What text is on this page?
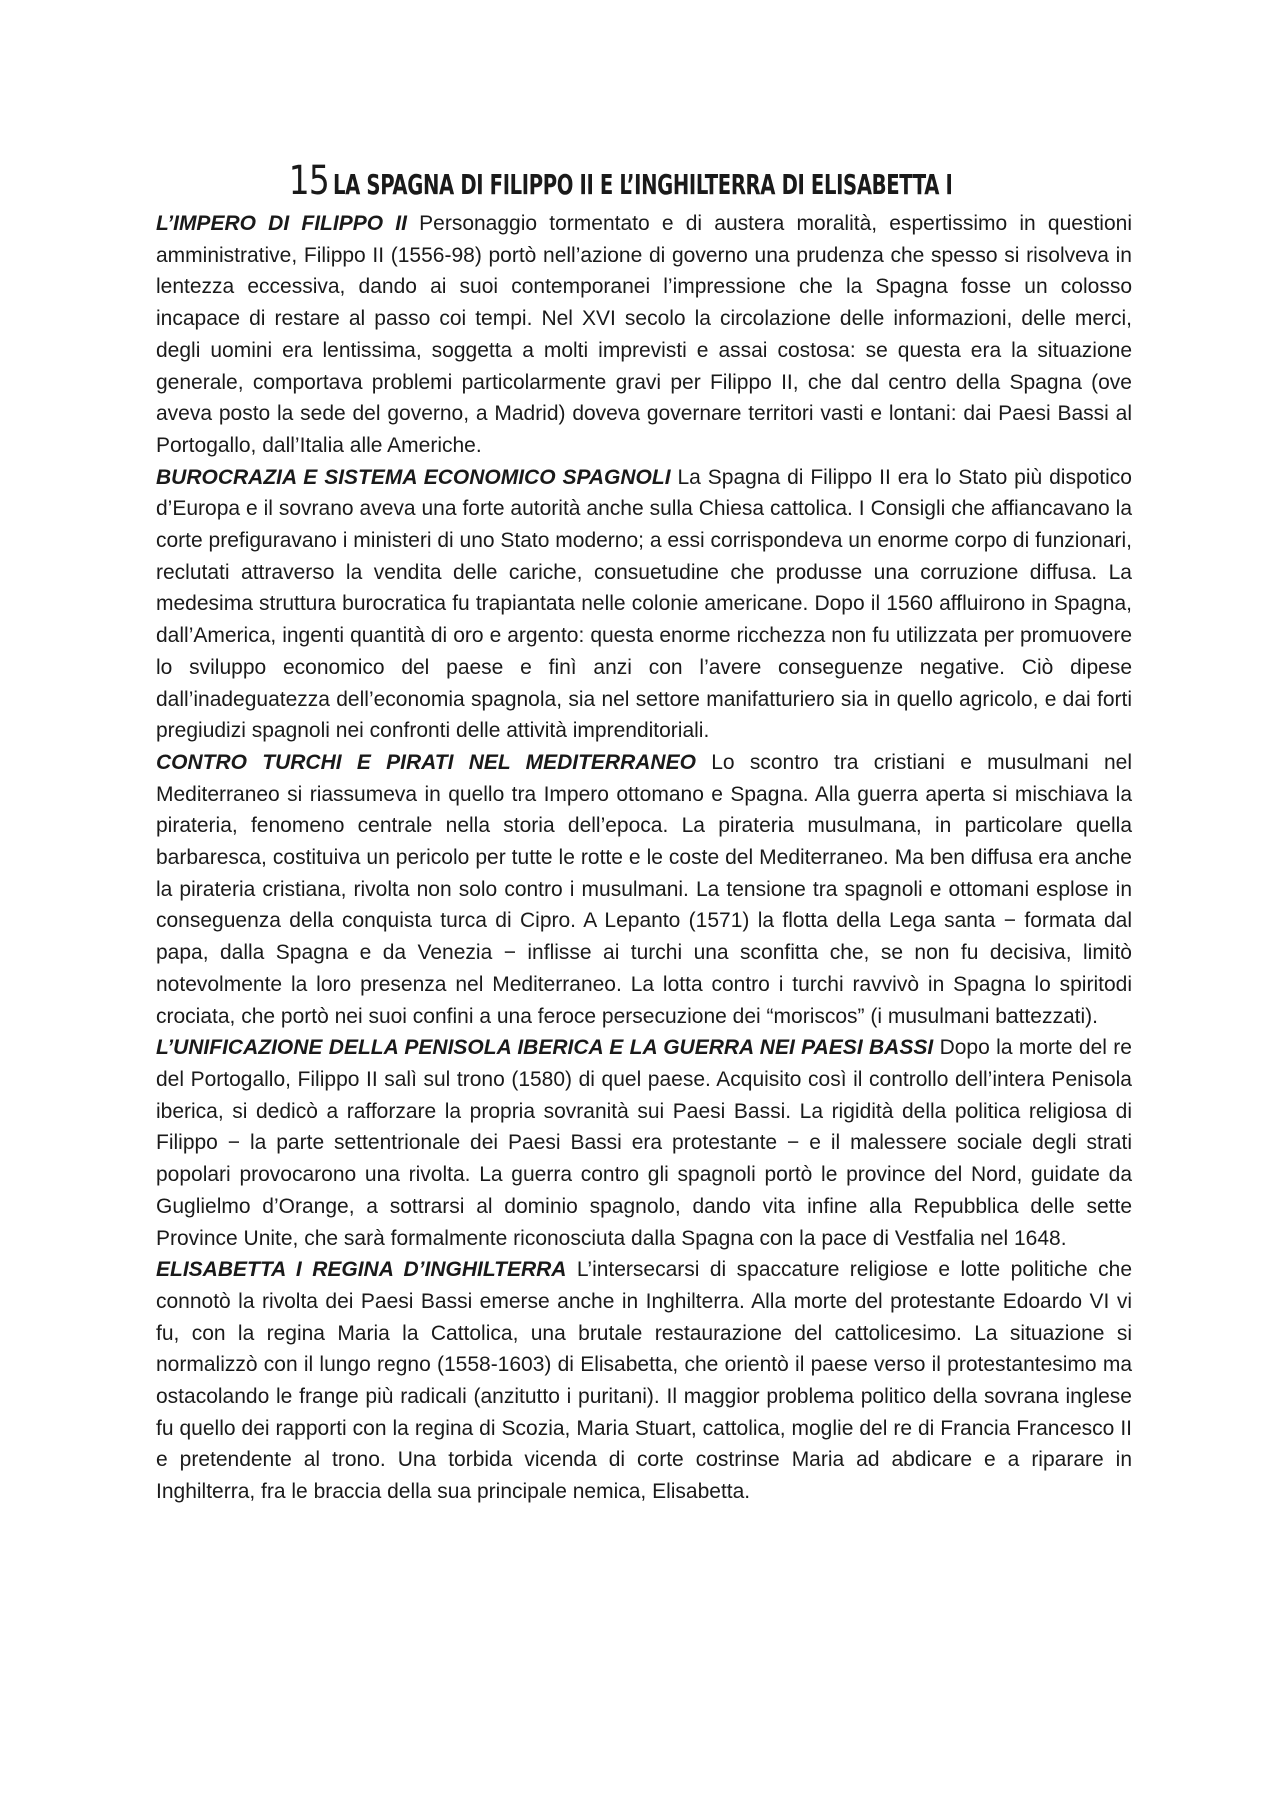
15 LA SPAGNA DI FILIPPO II E L’INGHILTERRA DI ELISABETTA I

L’IMPERO DI FILIPPO II Personaggio tormentato e di austera moralità, espertissimo in questioni amministrative, Filippo II (1556-98) portò nell’azione di governo una prudenza che spesso si risolveva in lentezza eccessiva, dando ai suoi contemporanei l’impressione che la Spagna fosse un colosso incapace di restare al passo coi tempi. Nel XVI secolo la circolazione delle informazioni, delle merci, degli uomini era lentissima, soggetta a molti imprevisti e assai costosa: se questa era la situazione generale, comportava problemi particolarmente gravi per Filippo II, che dal centro della Spagna (ove aveva posto la sede del governo, a Madrid) doveva governare territori vasti e lontani: dai Paesi Bassi al Portogallo, dall’Italia alle Americhe.

BUROCRAZIA E SISTEMA ECONOMICO SPAGNOLI La Spagna di Filippo II era lo Stato più dispotico d’Europa e il sovrano aveva una forte autorità anche sulla Chiesa cattolica. I Consigli che affiancavano la corte prefiguravano i ministeri di uno Stato moderno; a essi corrispondeva un enorme corpo di funzionari, reclutati attraverso la vendita delle cariche, consuetudine che produsse una corruzione diffusa. La medesima struttura burocratica fu trapiantata nelle colonie americane. Dopo il 1560 affluirono in Spagna, dall’America, ingenti quantità di oro e argento: questa enorme ricchezza non fu utilizzata per promuovere lo sviluppo economico del paese e finì anzi con l’avere conseguenze negative. Ciò dipese dall’inadeguatezza dell’economia spagnola, sia nel settore manifatturiero sia in quello agricolo, e dai forti pregiudizi spagnoli nei confronti delle attività imprenditoriali.

CONTRO TURCHI E PIRATI NEL MEDITERRANEO Lo scontro tra cristiani e musulmani nel Mediterraneo si riassumeva in quello tra Impero ottomano e Spagna. Alla guerra aperta si mischiava la pirateria, fenomeno centrale nella storia dell’epoca. La pirateria musulmana, in particolare quella barbaresca, costituiva un pericolo per tutte le rotte e le coste del Mediterraneo. Ma ben diffusa era anche la pirateria cristiana, rivolta non solo contro i musulmani. La tensione tra spagnoli e ottomani esplose in conseguenza della conquista turca di Cipro. A Lepanto (1571) la flotta della Lega santa − formata dal papa, dalla Spagna e da Venezia − inflisse ai turchi una sconfitta che, se non fu decisiva, limitò notevolmente la loro presenza nel Mediterraneo. La lotta contro i turchi ravvivò in Spagna lo spiritodi crociata, che portò nei suoi confini a una feroce persecuzione dei “moriscos” (i musulmani battezzati).

L’UNIFICAZIONE DELLA PENISOLA IBERICA E LA GUERRA NEI PAESI BASSI Dopo la morte del re del Portogallo, Filippo II salì sul trono (1580) di quel paese. Acquisito così il controllo dell’intera Penisola iberica, si dedicò a rafforzare la propria sovranità sui Paesi Bassi. La rigidità della politica religiosa di Filippo − la parte settentrionale dei Paesi Bassi era protestante − e il malessere sociale degli strati popolari provocarono una rivolta. La guerra contro gli spagnoli portò le province del Nord, guidate da Guglielmo d’Orange, a sottrarsi al dominio spagnolo, dando vita infine alla Repubblica delle sette Province Unite, che sarà formalmente riconosciuta dalla Spagna con la pace di Vestfalia nel 1648.

ELISABETTA I REGINA D’INGHILTERRA L’intersecarsi di spaccature religiose e lotte politiche che connotò la rivolta dei Paesi Bassi emerse anche in Inghilterra. Alla morte del protestante Edoardo VI vi fu, con la regina Maria la Cattolica, una brutale restaurazione del cattolicesimo. La situazione si normalizzò con il lungo regno (1558-1603) di Elisabetta, che orientò il paese verso il protestantesimo ma ostacolando le frange più radicali (anzitutto i puritani). Il maggior problema politico della sovrana inglese fu quello dei rapporti con la regina di Scozia, Maria Stuart, cattolica, moglie del re di Francia Francesco II e pretendente al trono. Una torbida vicenda di corte costrinse Maria ad abdicare e a riparare in Inghilterra, fra le braccia della sua principale nemica, Elisabetta.
